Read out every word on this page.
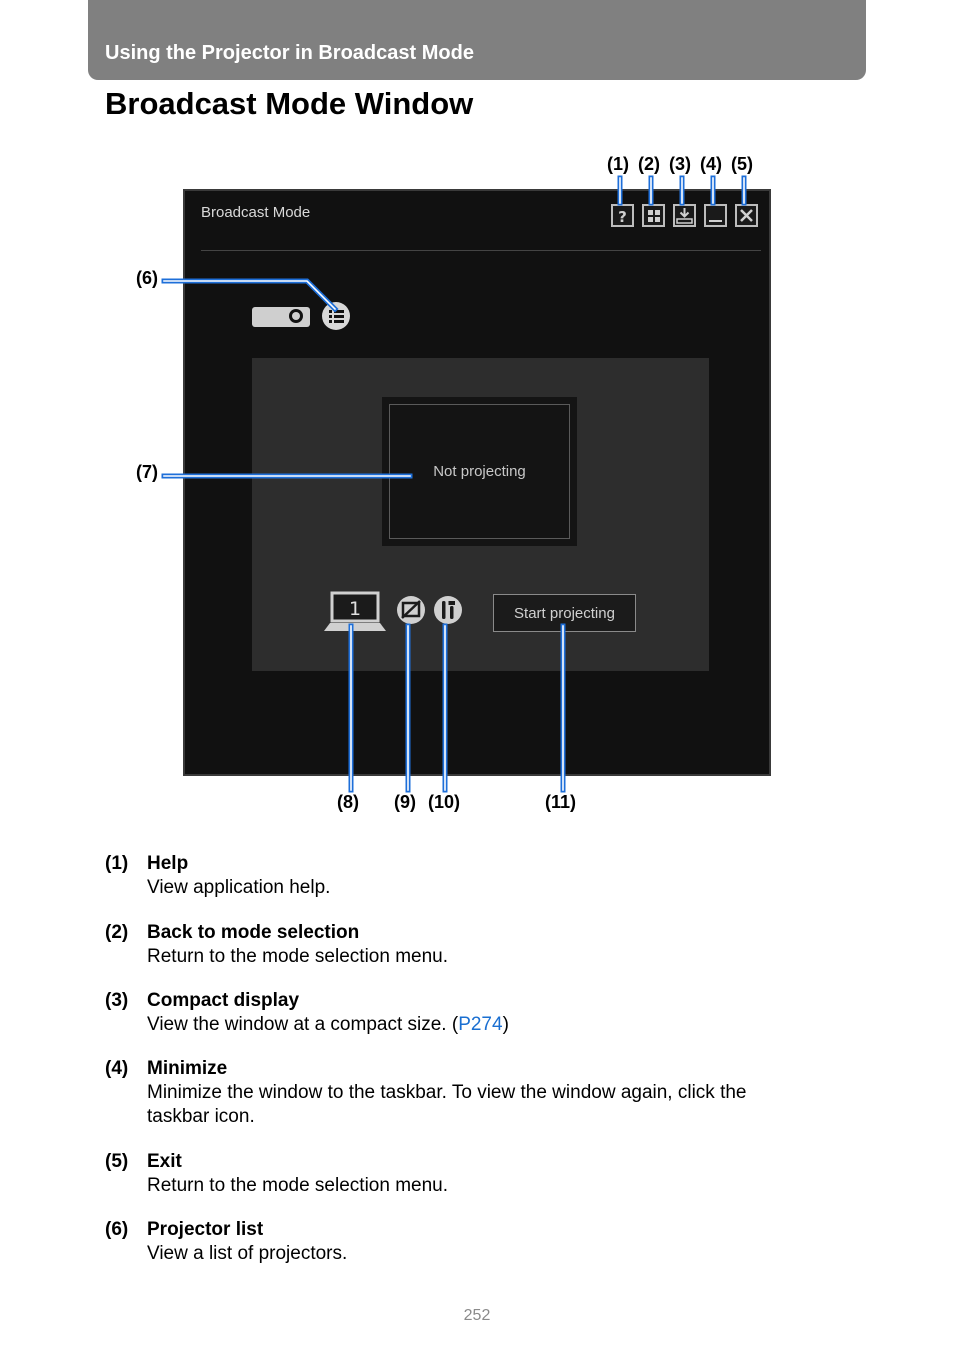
Using the Projector in Broadcast Mode
Broadcast Mode Window
Broadcast Mode	?
Not projecting
1	Start projecting
(1) (2) (3) (4) (5)
(6)
(7)
(8) (9) (10)	(11)
(1) Help
View application help.
(2) Back to mode selection
Return to the mode selection menu.
(3) Compact display
View the window at a compact size. (P274)
(4) Minimize
Minimize the window to the taskbar. To view the window again, click the taskbar icon.
(5) Exit
Return to the mode selection menu.
(6) Projector list
View a list of projectors.
252
